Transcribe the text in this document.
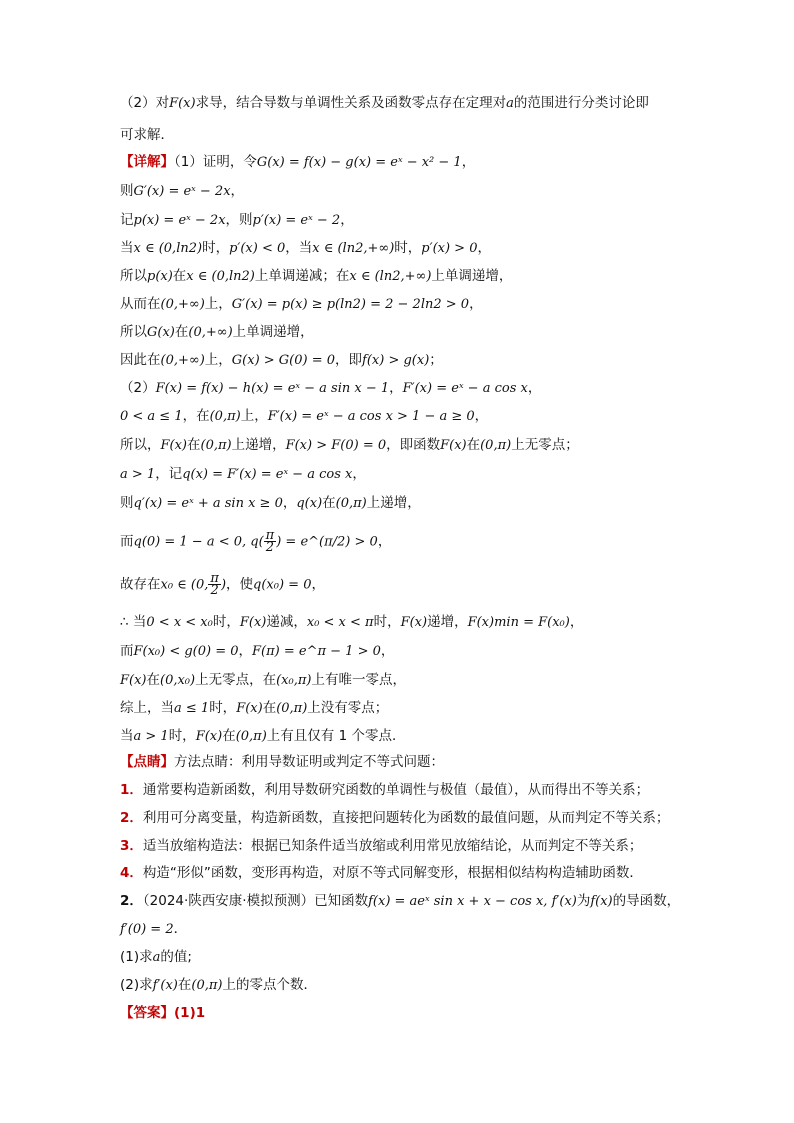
（2）对F(x)求导，结合导数与单调性关系及函数零点存在定理对a的范围进行分类讨论即
可求解．
【详解】（1）证明，令G(x) = f(x) − g(x) = eˣ − x² − 1，
则G′(x) = eˣ − 2x，
记p(x) = eˣ − 2x，则p′(x) = eˣ − 2，
当x ∈ (0,ln2)时，p′(x) < 0，当x ∈ (ln2,+∞)时，p′(x) > 0，
所以p(x)在x ∈ (0,ln2)上单调递减；在x ∈ (ln2,+∞)上单调递增，
从而在(0,+∞)上，G′(x) = p(x) ≥ p(ln2) = 2 − 2ln2 > 0，
所以G(x)在(0,+∞)上单调递增，
因此在(0,+∞)上，G(x) > G(0) = 0，即f(x) > g(x)；
（2）F(x) = f(x) − h(x) = eˣ − a sin x − 1，F′(x) = eˣ − a cos x，
0 < a ≤ 1，在(0,π)上，F′(x) = eˣ − a cos x > 1 − a ≥ 0，
所以，F(x)在(0,π)上递增，F(x) > F(0) = 0，即函数F(x)在(0,π)上无零点；
a > 1，记q(x) = F′(x) = eˣ − a cos x，
则q′(x) = eˣ + a sin x ≥ 0，q(x)在(0,π)上递增，
而q(0) = 1 − a < 0, $q( \frac{\pi}{2}$ ) = e^(π/2) > 0，
故存在x₀ ∈ (0, $\frac{\pi}{2}$ )，使q(x₀) = 0，
∴ 当0 < x < x₀时，F(x)递减，x₀ < x < π时，F(x)递增，F(x)min = F(x₀)，
而F(x₀) < g(0) = 0，F(π) = e^π − 1 > 0，
F(x)在(0,x₀)上无零点，在(x₀,π)上有唯一零点，
综上，当a ≤ 1时，F(x)在(0,π)上没有零点；
当a > 1时，F(x)在(0,π)上有且仅有 1 个零点．
【点睛】方法点睛：利用导数证明或判定不等式问题：
1．通常要构造新函数，利用导数研究函数的单调性与极值（最值），从而得出不等关系；
2．利用可分离变量，构造新函数，直接把问题转化为函数的最值问题，从而判定不等关系；
3．适当放缩构造法：根据已知条件适当放缩或利用常见放缩结论，从而判定不等关系；
4．构造“形似”函数，变形再构造，对原不等式同解变形，根据相似结构构造辅助函数．
2．（2024·陕西安康·模拟预测）已知函数f(x) = aeˣ sin x + x − cos x, f′(x)为f(x)的导函数，
f′(0) = 2．
(1)求a的值;
(2)求f′(x)在(0,π)上的零点个数．
【答案】(1)1
